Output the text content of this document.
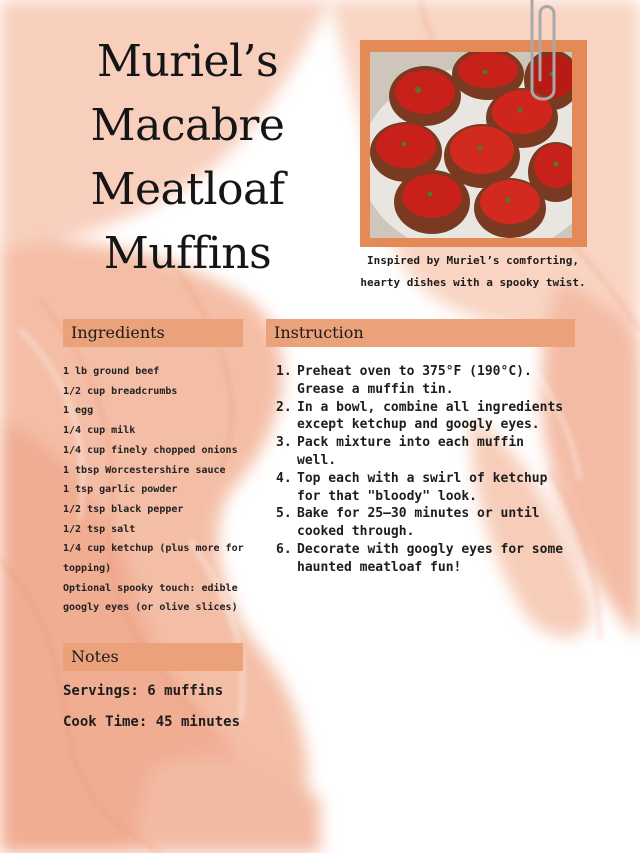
Muriel’s
Macabre
Meatloaf
Muffins	Inspired by Muriel’s comforting,
hearty dishes with a spooky twist.
Ingredients	Instruction
Notes
1 lb ground beef
1/2 cup breadcrumbs
1 egg
1/4 cup milk
1/4 cup finely chopped onions
1 tbsp Worcestershire sauce
1 tsp garlic powder
1/2 tsp black pepper
1/2 tsp salt
1/4 cup ketchup (plus more for
topping)
Optional spooky touch: edible
googly eyes (or olive slices)
1. Preheat oven to 375°F (190°C).
Grease a muffin tin.
2. In a bowl, combine all ingredients
except ketchup and googly eyes.
3. Pack mixture into each muffin
well.
4. Top each with a swirl of ketchup
for that "bloody" look.
5. Bake for 25–30 minutes or until
cooked through.
6. Decorate with googly eyes for some
haunted meatloaf fun!
Servings: 6 muffins
Cook Time: 45 minutes
